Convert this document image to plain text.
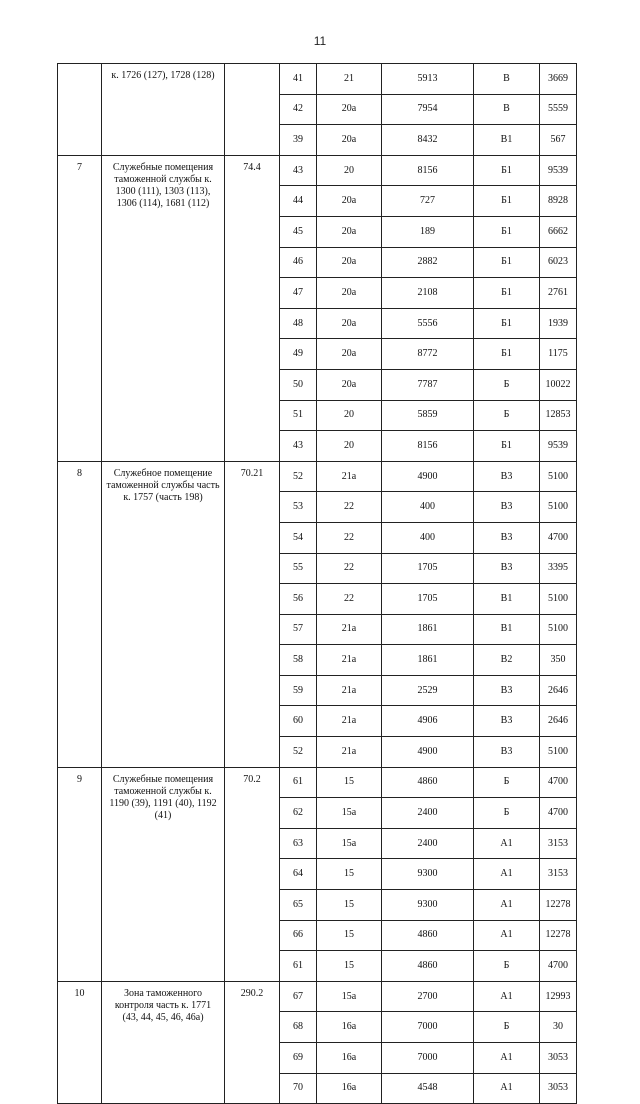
11
	к. 1726 (127), 1728 (128)		41	21	5913	В	3669	
			42	20а	7954	В	5559	
			39	20а	8432	В1	567	
7	Служебные помещения таможенной службы к. 1300 (111), 1303 (113), 1306 (114), 1681 (112)	74.4	43	20	8156	Б1	9539	
			44	20а	727	Б1	8928	
			45	20а	189	Б1	6662	
			46	20а	2882	Б1	6023	
			47	20а	2108	Б1	2761	
			48	20а	5556	Б1	1939	
			49	20а	8772	Б1	1175	
			50	20а	7787	Б	10022	
			51	20	5859	Б	12853	
			43	20	8156	Б1	9539	
8	Служебное помещение таможенной службы часть к. 1757 (часть 198)	70.21	52	21а	4900	В3	5100	
			53	22	400	В3	5100	
			54	22	400	В3	4700	
			55	22	1705	В3	3395	
			56	22	1705	В1	5100	
			57	21а	1861	В1	5100	
			58	21а	1861	В2	350	
			59	21а	2529	В3	2646	
			60	21а	4906	В3	2646	
			52	21а	4900	В3	5100	
9	Служебные помещения таможенной службы к. 1190 (39), 1191 (40), 1192 (41)	70.2	61	15	4860	Б	4700	
			62	15а	2400	Б	4700	
			63	15а	2400	А1	3153	
			64	15	9300	А1	3153	
			65	15	9300	А1	12278	
			66	15	4860	А1	12278	
			61	15	4860	Б	4700	
10	Зона таможенного контроля часть к. 1771 (43, 44, 45, 46, 46а)	290.2	67	15а	2700	А1	12993	
			68	16а	7000	Б	30	
			69	16а	7000	А1	3053	
			70	16а	4548	А1	3053	
